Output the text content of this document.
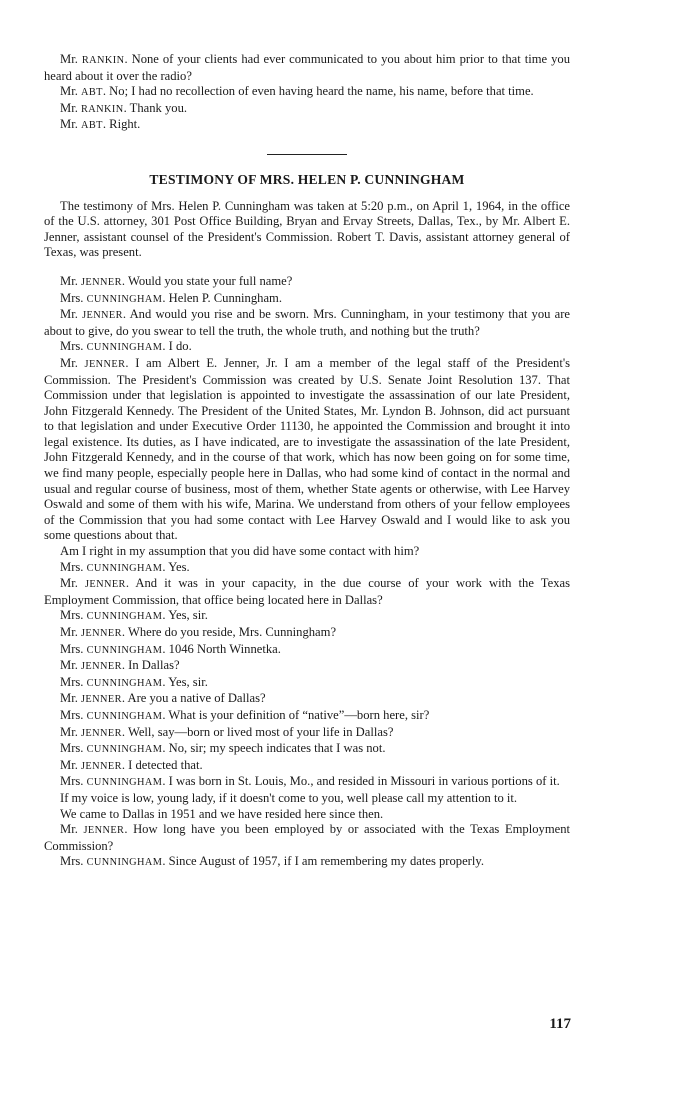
Mr. RANKIN. None of your clients had ever communicated to you about him prior to that time you heard about it over the radio?

Mr. ABT. No; I had no recollection of even having heard the name, his name, before that time.

Mr. RANKIN. Thank you.

Mr. ABT. Right.

TESTIMONY OF MRS. HELEN P. CUNNINGHAM

The testimony of Mrs. Helen P. Cunningham was taken at 5:20 p.m., on April 1, 1964, in the office of the U.S. attorney, 301 Post Office Building, Bryan and Ervay Streets, Dallas, Tex., by Mr. Albert E. Jenner, assistant counsel of the President's Commission. Robert T. Davis, assistant attorney general of Texas, was present.

Mr. JENNER. Would you state your full name?

Mrs. CUNNINGHAM. Helen P. Cunningham.

Mr. JENNER. And would you rise and be sworn. Mrs. Cunningham, in your testimony that you are about to give, do you swear to tell the truth, the whole truth, and nothing but the truth?

Mrs. CUNNINGHAM. I do.

Mr. JENNER. I am Albert E. Jenner, Jr. I am a member of the legal staff of the President's Commission. The President's Commission was created by U.S. Senate Joint Resolution 137. That Commission under that legislation is appointed to investigate the assassination of our late President, John Fitzgerald Kennedy. The President of the United States, Mr. Lyndon B. Johnson, did act pursuant to that legislation and under Executive Order 11130, he appointed the Commission and brought it into legal existence. Its duties, as I have indicated, are to investigate the assassination of the late President, John Fitzgerald Kennedy, and in the course of that work, which has now been going on for some time, we find many people, especially people here in Dallas, who had some kind of contact in the normal and usual and regular course of business, most of them, whether State agents or otherwise, with Lee Harvey Oswald and some of them with his wife, Marina. We understand from others of your fellow employees of the Commission that you had some contact with Lee Harvey Oswald and I would like to ask you some questions about that.

Am I right in my assumption that you did have some contact with him?

Mrs. CUNNINGHAM. Yes.

Mr. JENNER. And it was in your capacity, in the due course of your work with the Texas Employment Commission, that office being located here in Dallas?

Mrs. CUNNINGHAM. Yes, sir.

Mr. JENNER. Where do you reside, Mrs. Cunningham?

Mrs. CUNNINGHAM. 1046 North Winnetka.

Mr. JENNER. In Dallas?

Mrs. CUNNINGHAM. Yes, sir.

Mr. JENNER. Are you a native of Dallas?

Mrs. CUNNINGHAM. What is your definition of “native”—born here, sir?

Mr. JENNER. Well, say—born or lived most of your life in Dallas?

Mrs. CUNNINGHAM. No, sir; my speech indicates that I was not.

Mr. JENNER. I detected that.

Mrs. CUNNINGHAM. I was born in St. Louis, Mo., and resided in Missouri in various portions of it.

If my voice is low, young lady, if it doesn't come to you, well please call my attention to it.

We came to Dallas in 1951 and we have resided here since then.

Mr. JENNER. How long have you been employed by or associated with the Texas Employment Commission?

Mrs. CUNNINGHAM. Since August of 1957, if I am remembering my dates properly.

117
